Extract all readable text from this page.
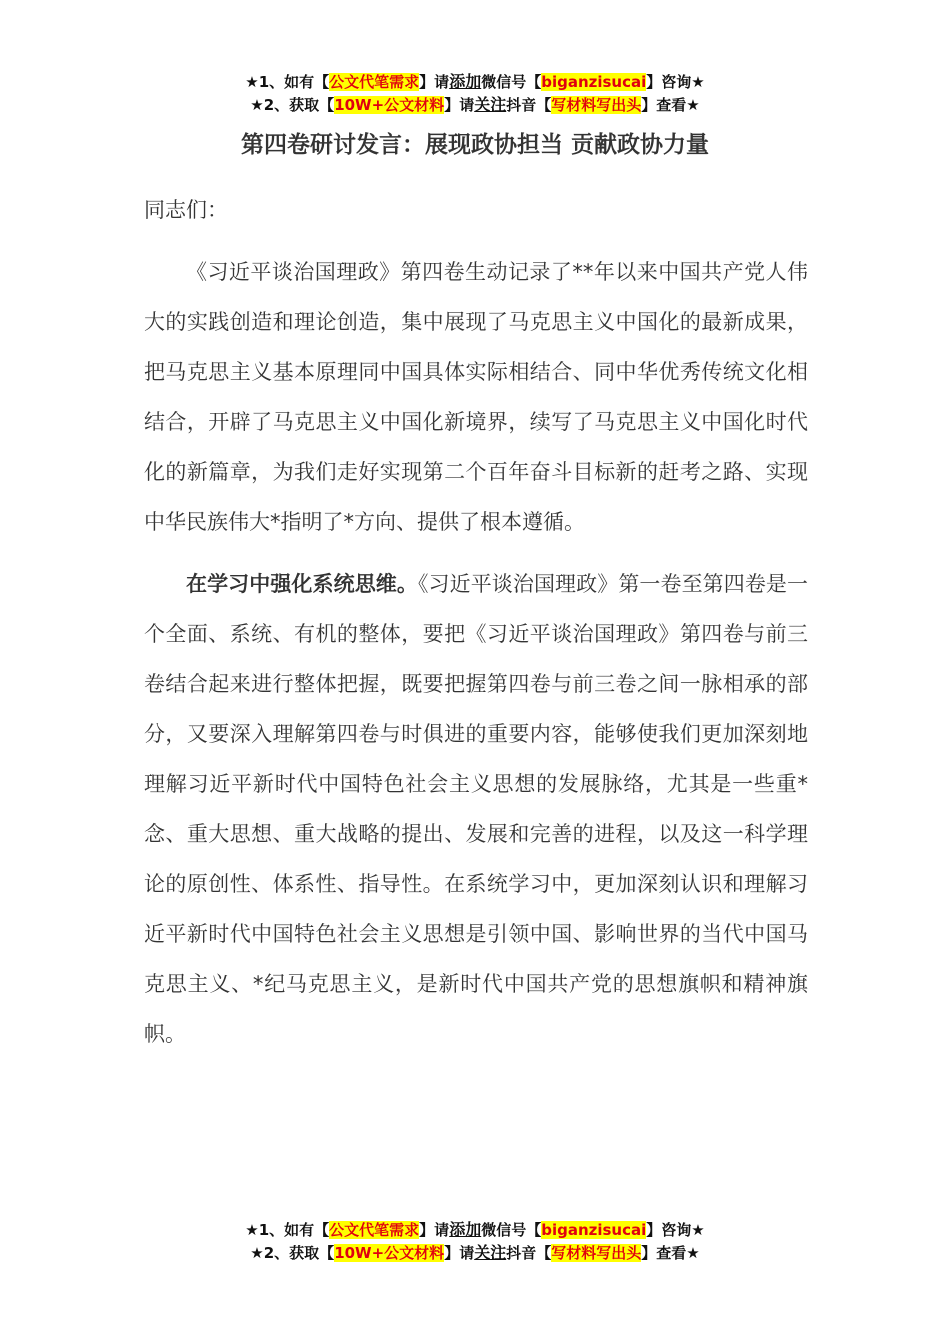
★1、如有【公文代笔需求】请添加微信号【biganzisucai】咨询★
★2、获取【10W+公文材料】请关注抖音【写材料写出头】查看★
第四卷研讨发言：展现政协担当 贡献政协力量

同志们：

《习近平谈治国理政》第四卷生动记录了**年以来中国共产党人伟大的实践创造和理论创造，集中展现了马克思主义中国化的最新成果，把马克思主义基本原理同中国具体实际相结合、同中华优秀传统文化相结合，开辟了马克思主义中国化新境界，续写了马克思主义中国化时代化的新篇章，为我们走好实现第二个百年奋斗目标新的赶考之路、实现中华民族伟大*指明了*方向、提供了根本遵循。

在学习中强化系统思维。《习近平谈治国理政》第一卷至第四卷是一个全面、系统、有机的整体，要把《习近平谈治国理政》第四卷与前三卷结合起来进行整体把握，既要把握第四卷与前三卷之间一脉相承的部分，又要深入理解第四卷与时俱进的重要内容，能够使我们更加深刻地理解习近平新时代中国特色社会主义思想的发展脉络，尤其是一些重*念、重大思想、重大战略的提出、发展和完善的进程，以及这一科学理论的原创性、体系性、指导性。在系统学习中，更加深刻认识和理解习近平新时代中国特色社会主义思想是引领中国、影响世界的当代中国马克思主义、*纪马克思主义，是新时代中国共产党的思想旗帜和精神旗帜。

★1、如有【公文代笔需求】请添加微信号【biganzisucai】咨询★
★2、获取【10W+公文材料】请关注抖音【写材料写出头】查看★
